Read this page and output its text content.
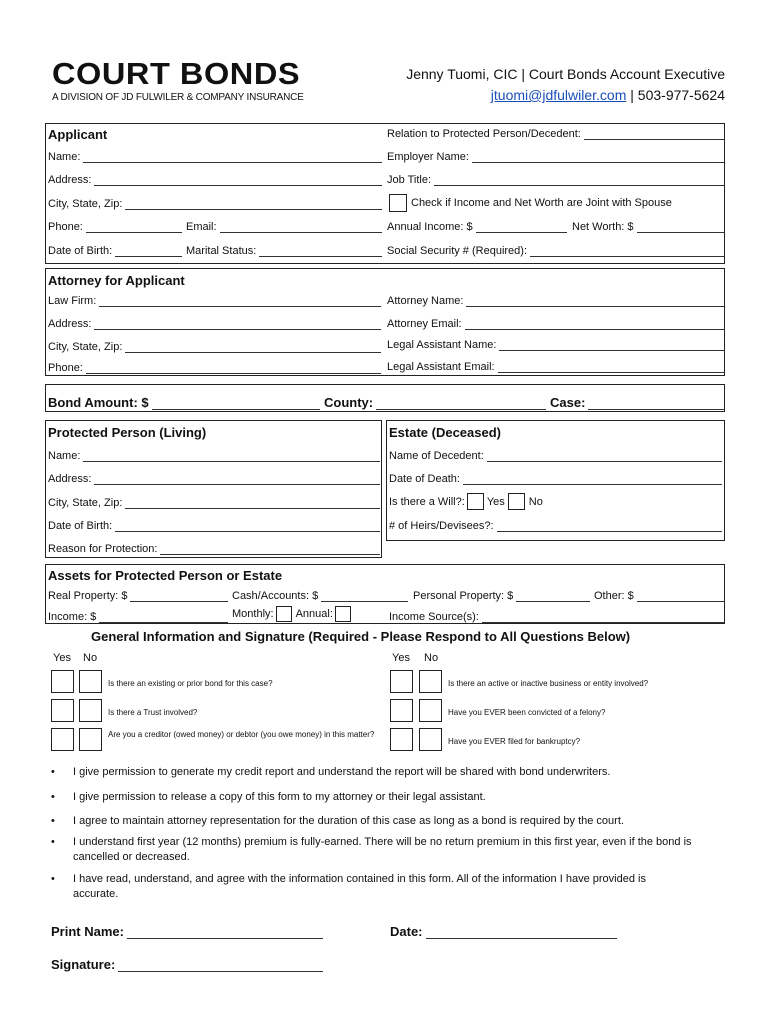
COURT BONDS
A DIVISION OF JD FULWILER & COMPANY INSURANCE
Jenny Tuomi, CIC | Court Bonds Account Executive
jtuomi@jdfulwiler.com | 503-977-5624
Applicant
Name:
Address:
City, State, Zip:
Phone:	Email:
Date of Birth:	Marital Status:
Relation to Protected Person/Decedent:
Employer Name:
Job Title:
Check if Income and Net Worth are Joint with Spouse
Annual Income: $	Net Worth: $
Social Security # (Required):
Attorney for Applicant
Law Firm:
Address:
City, State, Zip:
Phone:
Attorney Name:
Attorney Email:
Legal Assistant Name:
Legal Assistant Email:
Bond Amount: $	County:	Case:
Protected Person (Living)
Name:
Address:
City, State, Zip:
Date of Birth:
Reason for Protection:
Estate (Deceased)
Name of Decedent:
Date of Death:
Is there a Will?: Yes No
# of Heirs/Devisees?:
Assets for Protected Person or Estate
Real Property: $	Cash/Accounts: $	Personal Property: $	Other: $
Income: $	Monthly: Annual:	Income Source(s):
General Information and Signature (Required - Please Respond to All Questions Below)
Yes No	Yes No
Is there an existing or prior bond for this case?
Is there a Trust involved?
Are you a creditor (owed money) or debtor (you owe money) in this matter?
Is there an active or inactive business or entity involved?
Have you EVER been convicted of a felony?
Have you EVER filed for bankruptcy?
• I give permission to generate my credit report and understand the report will be shared with bond underwriters.
• I give permission to release a copy of this form to my attorney or their legal assistant.
• I agree to maintain attorney representation for the duration of this case as long as a bond is required by the court.
• I understand first year (12 months) premium is fully-earned. There will be no return premium in this first year, even if the bond is cancelled or decreased.
• I have read, understand, and agree with the information contained in this form. All of the information I have provided is accurate.
Print Name:	Date:
Signature:
